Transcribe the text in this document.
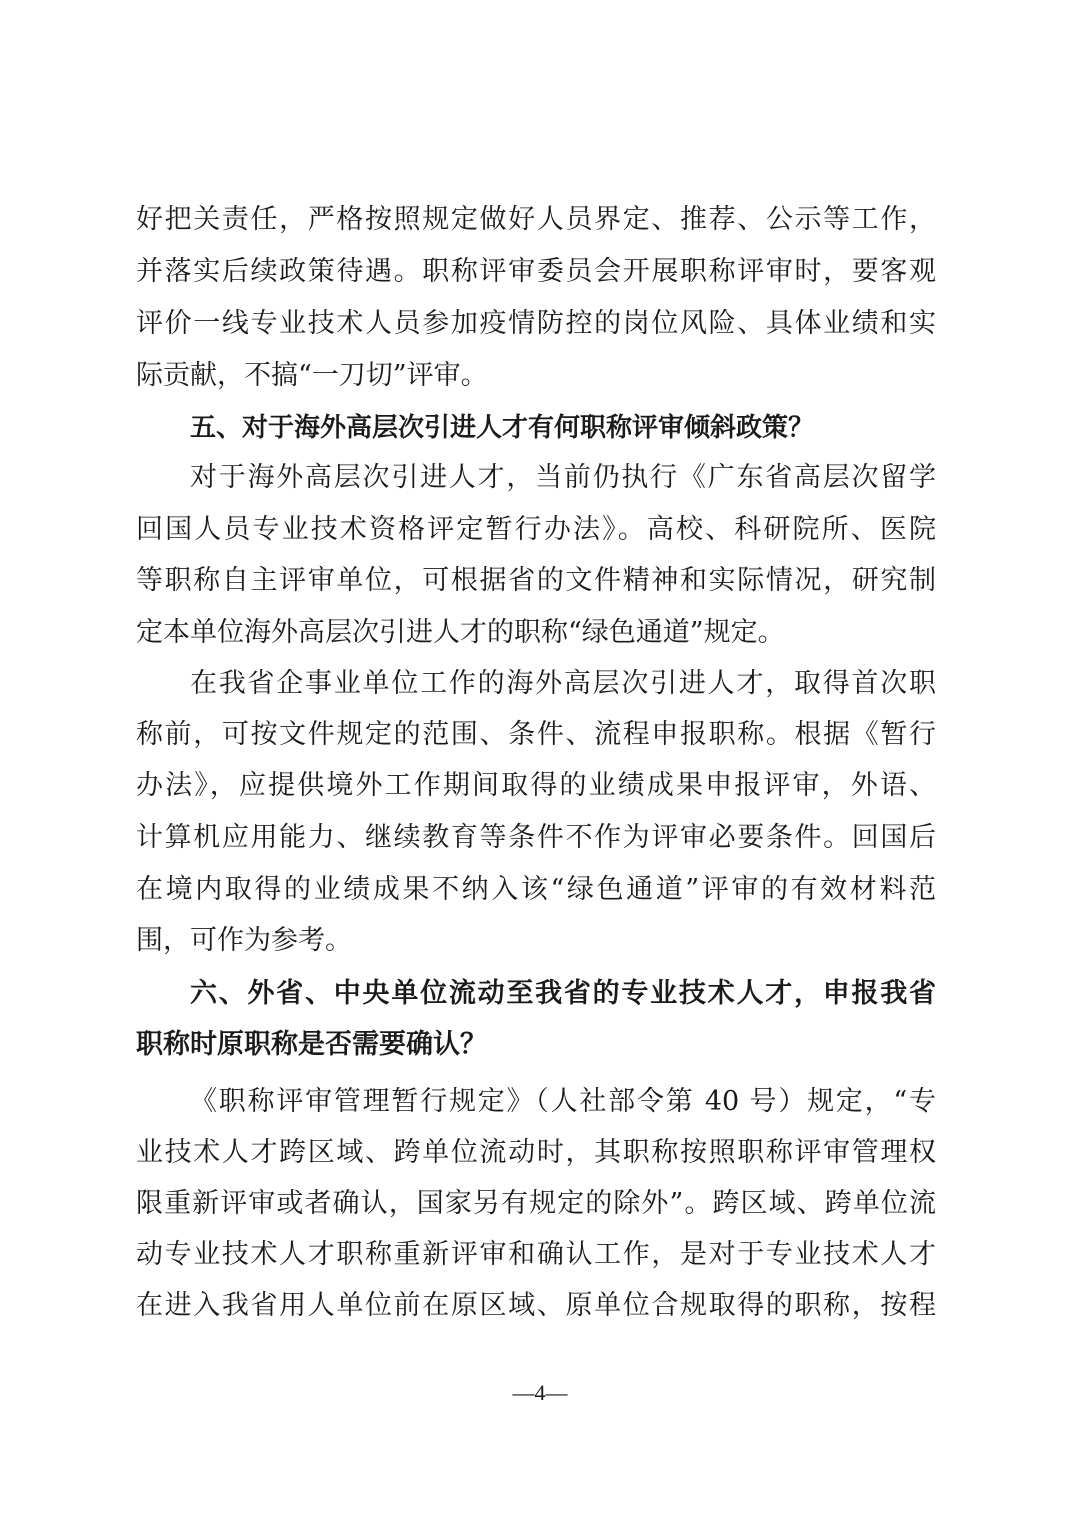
好把关责任，严格按照规定做好人员界定、推荐、公示等工作，

并落实后续政策待遇。职称评审委员会开展职称评审时，要客观

评价一线专业技术人员参加疫情防控的岗位风险、具体业绩和实

际贡献，不搞“一刀切”评审。

五、对于海外高层次引进人才有何职称评审倾斜政策？

对于海外高层次引进人才，当前仍执行《广东省高层次留学

回国人员专业技术资格评定暂行办法》。高校、科研院所、医院

等职称自主评审单位，可根据省的文件精神和实际情况，研究制

定本单位海外高层次引进人才的职称“绿色通道”规定。

在我省企事业单位工作的海外高层次引进人才，取得首次职

称前，可按文件规定的范围、条件、流程申报职称。根据《暂行

办法》，应提供境外工作期间取得的业绩成果申报评审，外语、

计算机应用能力、继续教育等条件不作为评审必要条件。回国后

在境内取得的业绩成果不纳入该“绿色通道”评审的有效材料范

围，可作为参考。

六、外省、中央单位流动至我省的专业技术人才，申报我省

职称时原职称是否需要确认？

《职称评审管理暂行规定》（人社部令第 40 号）规定，“专

业技术人才跨区域、跨单位流动时，其职称按照职称评审管理权

限重新评审或者确认，国家另有规定的除外”。跨区域、跨单位流

动专业技术人才职称重新评审和确认工作，是对于专业技术人才

在进入我省用人单位前在原区域、原单位合规取得的职称，按程

—4—
